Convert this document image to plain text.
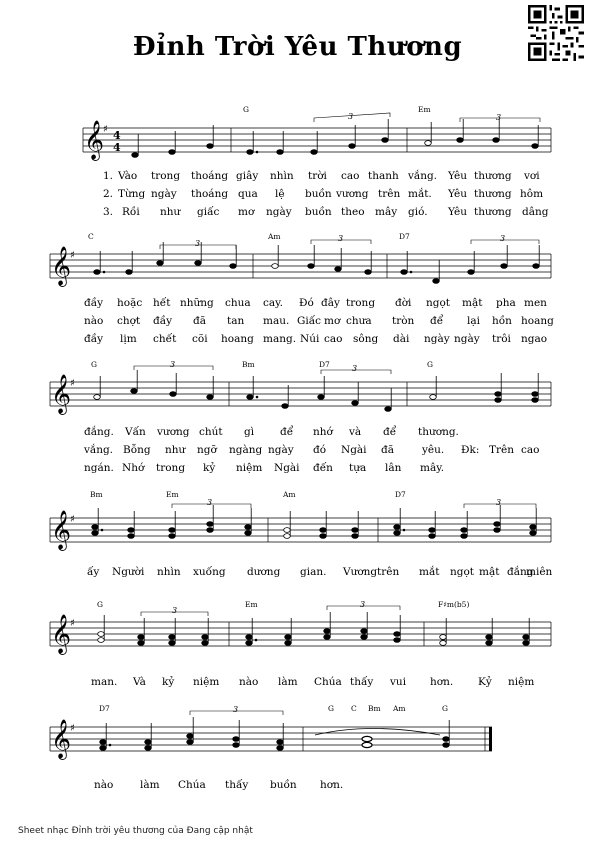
Đỉnh Trời Yêu Thương
𝄞
♯ 4
4
3	3
G	Em
1. Vào trong thoáng giây nhìn trời cao thanh vắng. Yêu thương vơi
2. Từng ngày thoáng qua lệ buồn vương trên mắt. Yêu thương hôm
3. Rồi như giấc mơ ngày buồn theo mây gió. Yêu thương dâng
𝄞
♯
3
3	3
C	Am	D7
đầy hoặc hết những chua cay. Đó đây trong đời ngọt mật pha men
nào chợt đầy đã tan mau. Giấc mơ chưa tròn để lại hồn hoang
đầy lịm chết cõi hoang mang. Núi cao sông dài ngày ngày trôi ngao
𝄞
♯
3	3
G	Bm	D7	G
đắng. Vấn vương chút gì để nhớ và để thương.
vắng. Bỗng như ngỡ ngàng ngày đó Ngài đã	yêu. Đk: Trên cao
ngán. Nhớ trong kỷ niệm Ngài đến tựa lân mây.
𝄞
♯
3	3
Bm	Em	Am	D7
ấy Người nhìn xuống dương gian. Vương trên mắt ngọt mật đắng
miên
𝄞
♯
3
3
G	Em	F♯m(b5)
man. Và kỷ niệm nào làm Chúa thấy vui hơn. Kỷ niệm
𝄞
♯
3
D7	G C Bm Am	G
nào	làm Chúa thấy buồn hơn.
Sheet nhạc Đỉnh trời yêu thương của Đang cập nhật
